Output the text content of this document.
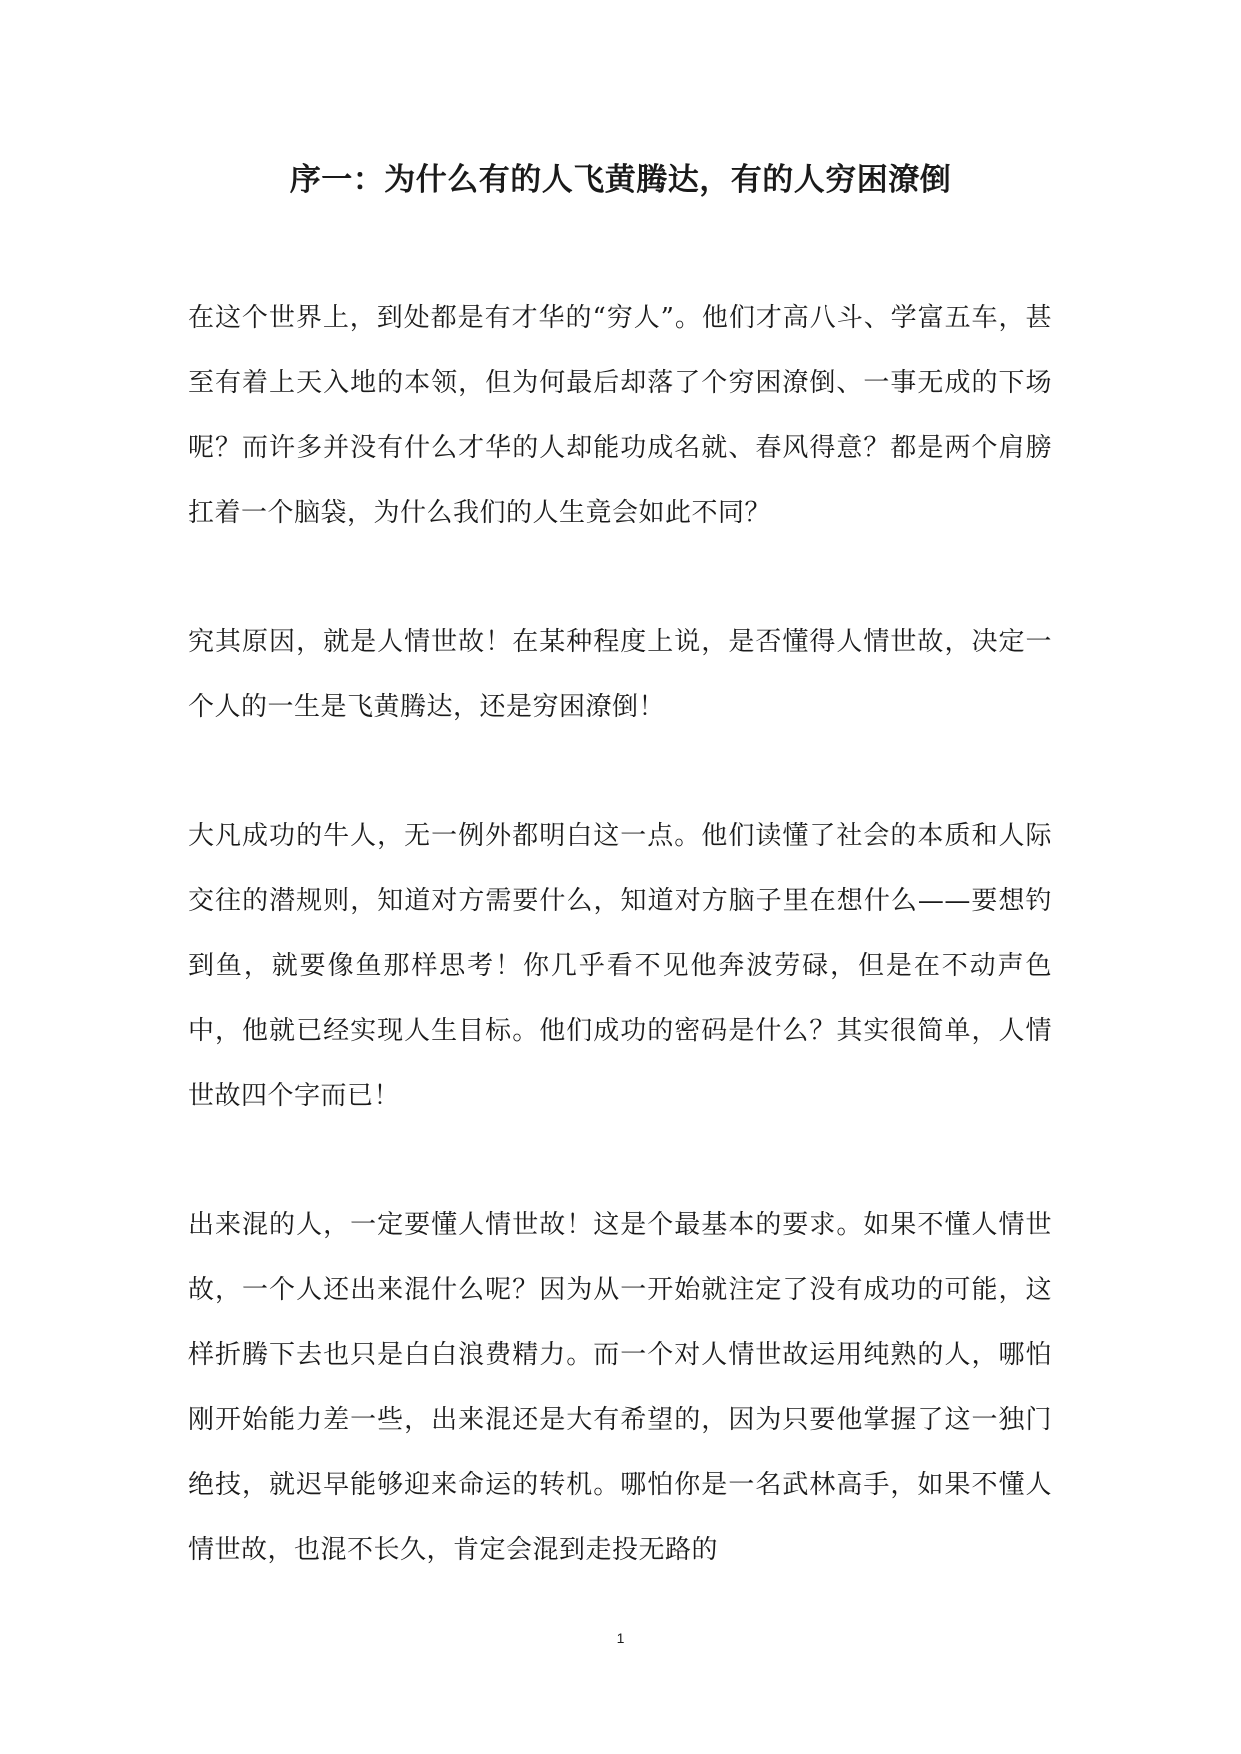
序一：为什么有的人飞黄腾达，有的人穷困潦倒

在这个世界上，到处都是有才华的“穷人”。他们才高八斗、学富五车，甚至有着上天入地的本领，但为何最后却落了个穷困潦倒、一事无成的下场呢？而许多并没有什么才华的人却能功成名就、春风得意？都是两个肩膀扛着一个脑袋，为什么我们的人生竟会如此不同？

究其原因，就是人情世故！在某种程度上说，是否懂得人情世故，决定一个人的一生是飞黄腾达，还是穷困潦倒！

大凡成功的牛人，无一例外都明白这一点。他们读懂了社会的本质和人际交往的潜规则，知道对方需要什么，知道对方脑子里在想什么——要想钓到鱼，就要像鱼那样思考！你几乎看不见他奔波劳碌，但是在不动声色中，他就已经实现人生目标。他们成功的密码是什么？其实很简单，人情世故四个字而已！

出来混的人，一定要懂人情世故！这是个最基本的要求。如果不懂人情世故，一个人还出来混什么呢？因为从一开始就注定了没有成功的可能，这样折腾下去也只是白白浪费精力。而一个对人情世故运用纯熟的人，哪怕刚开始能力差一些，出来混还是大有希望的，因为只要他掌握了这一独门绝技，就迟早能够迎来命运的转机。哪怕你是一名武林高手，如果不懂人情世故，也混不长久，肯定会混到走投无路的

1
